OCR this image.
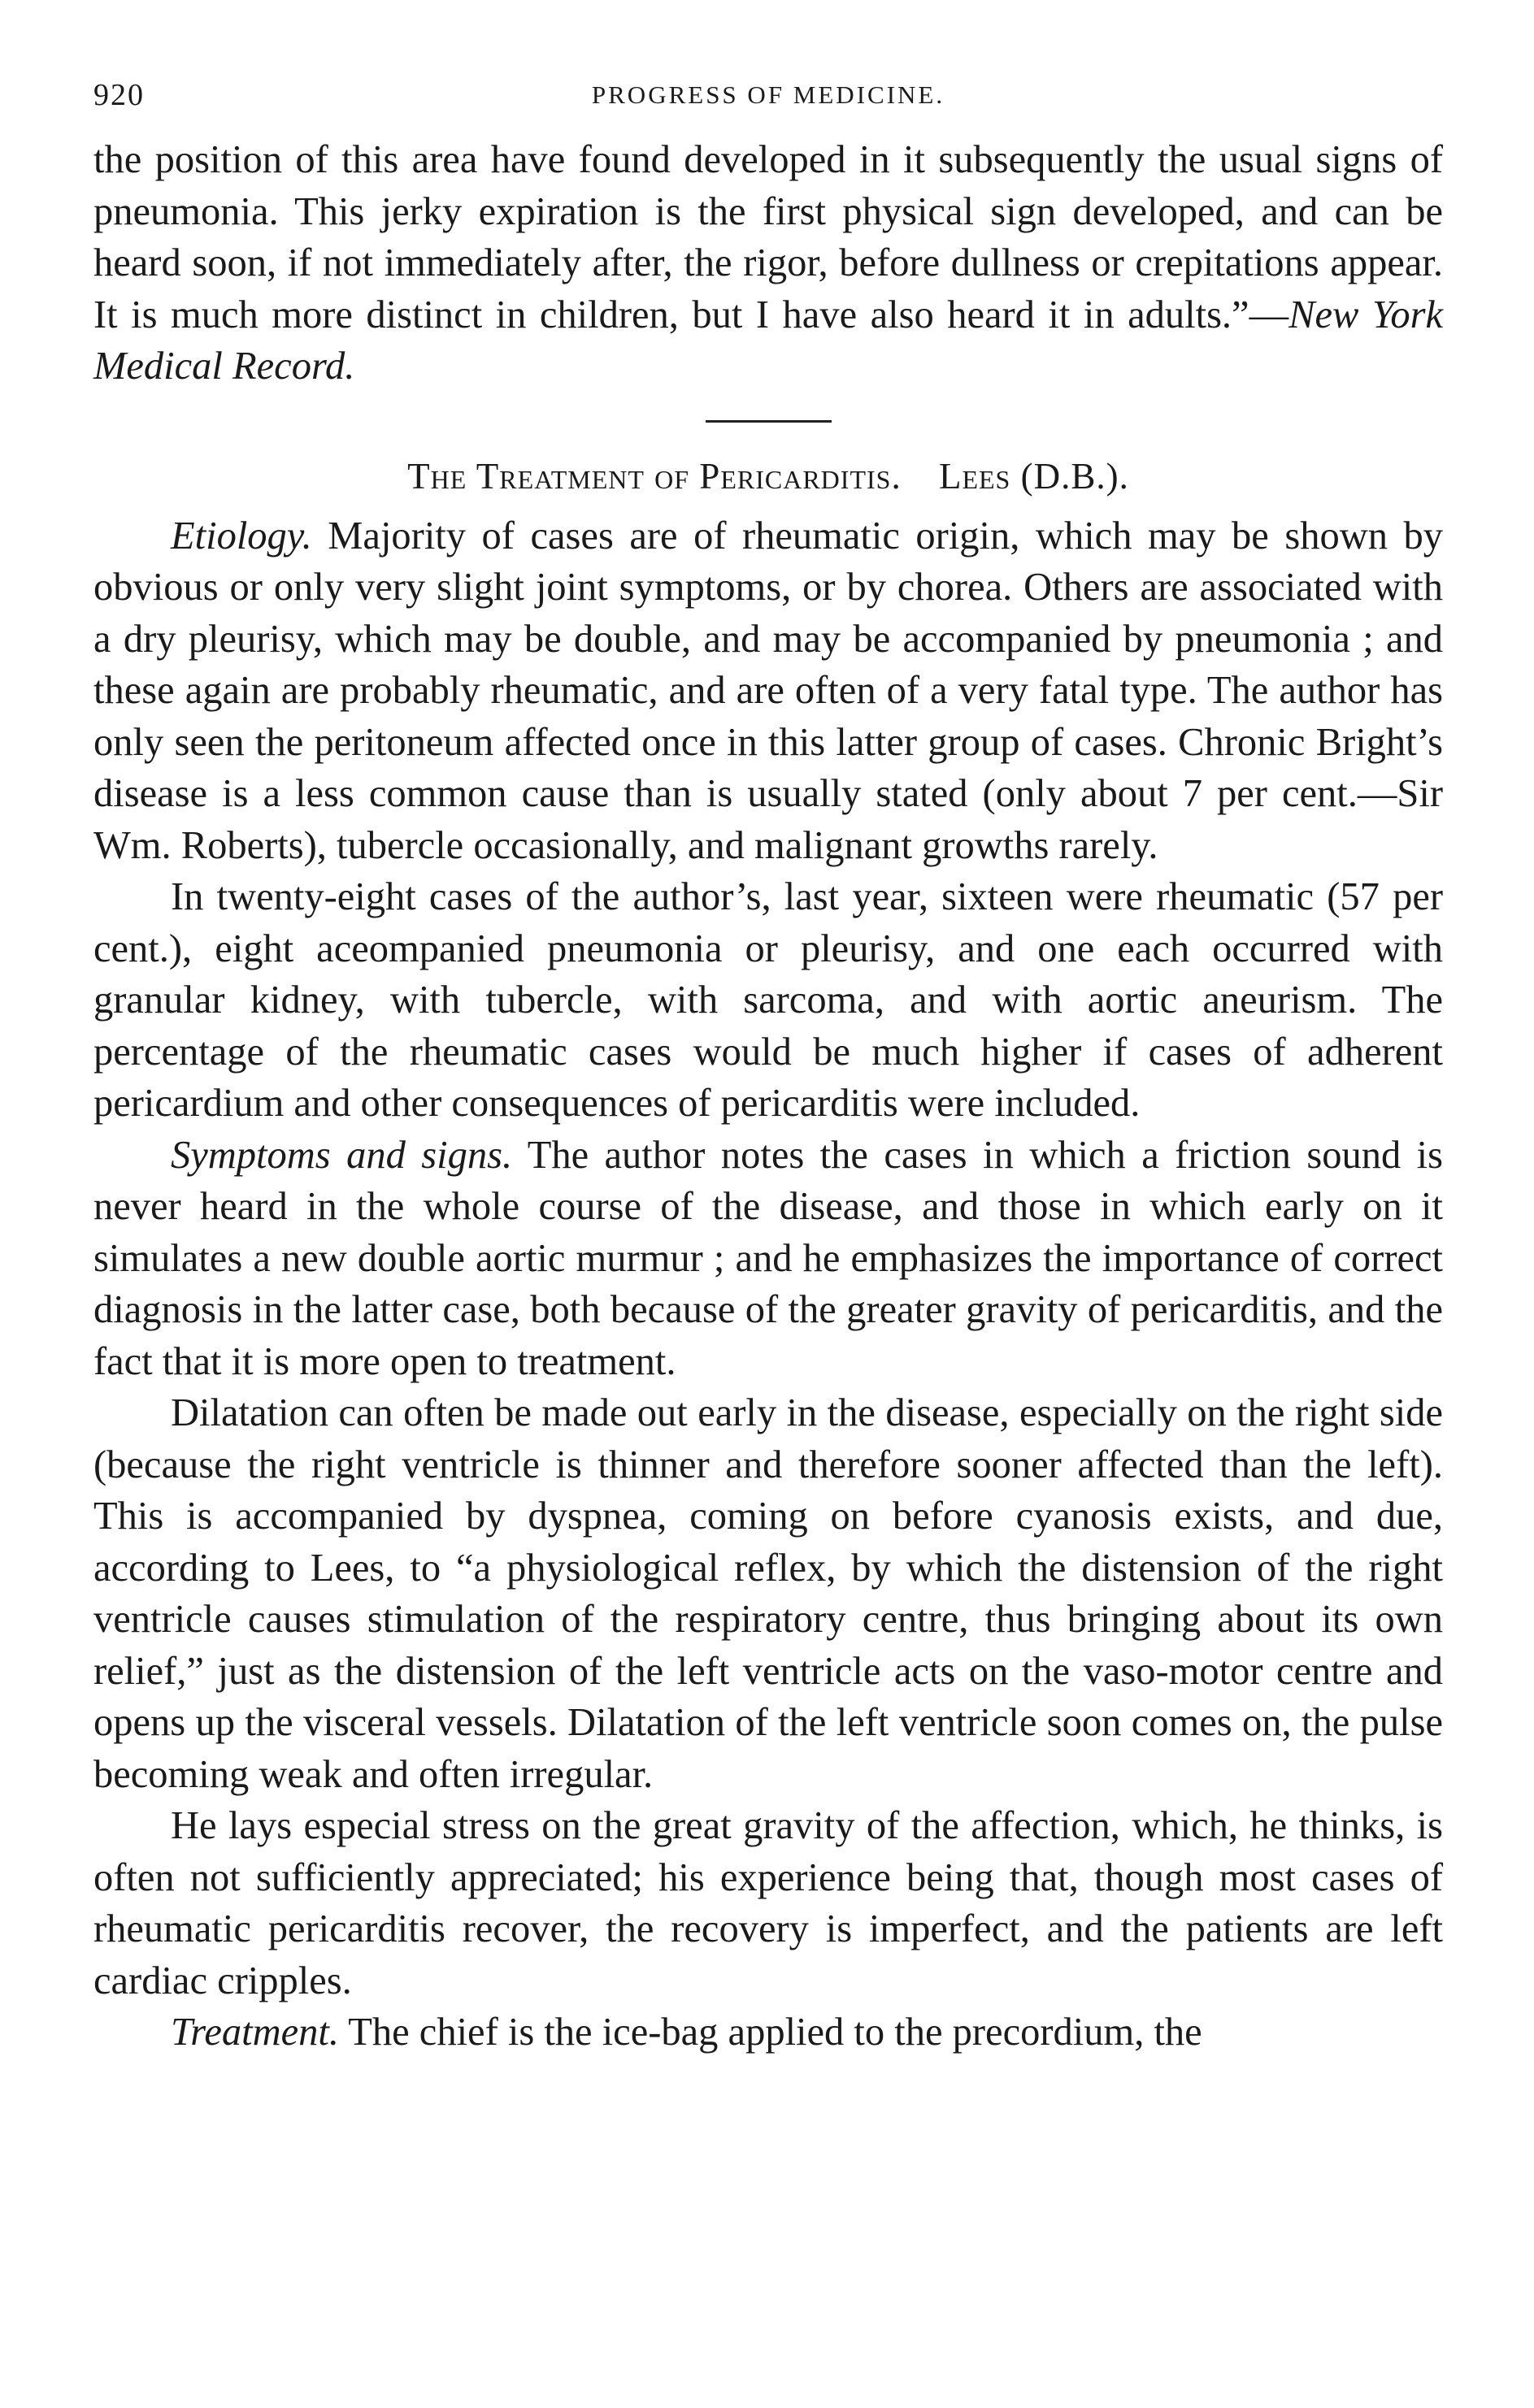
920	PROGRESS OF MEDICINE.

the position of this area have found developed in it subsequently the usual signs of pneumonia. This jerky expiration is the first physical sign developed, and can be heard soon, if not immediately after, the rigor, before dullness or crepitations appear. It is much more distinct in children, but I have also heard it in adults.”—New York Medical Record.

The Treatment of Pericarditis. Lees (D.B.).

Etiology. Majority of cases are of rheumatic origin, which may be shown by obvious or only very slight joint symptoms, or by chorea. Others are associated with a dry pleurisy, which may be double, and may be accompanied by pneumonia ; and these again are probably rheumatic, and are often of a very fatal type. The author has only seen the peritoneum affected once in this latter group of cases. Chronic Bright’s disease is a less common cause than is usually stated (only about 7 per cent.—Sir Wm. Roberts), tubercle occasionally, and malignant growths rarely.

In twenty-eight cases of the author’s, last year, sixteen were rheumatic (57 per cent.), eight aceompanied pneumonia or pleurisy, and one each occurred with granular kidney, with tubercle, with sarcoma, and with aortic aneurism. The percentage of the rheumatic cases would be much higher if cases of adherent pericardium and other consequences of pericarditis were included.

Symptoms and signs. The author notes the cases in which a friction sound is never heard in the whole course of the disease, and those in which early on it simulates a new double aortic murmur ; and he emphasizes the importance of correct diagnosis in the latter case, both because of the greater gravity of pericarditis, and the fact that it is more open to treatment.

Dilatation can often be made out early in the disease, especially on the right side (because the right ventricle is thinner and therefore sooner affected than the left). This is accompanied by dyspnea, coming on before cyanosis exists, and due, according to Lees, to “a physiological reflex, by which the distension of the right ventricle causes stimulation of the respiratory centre, thus bringing about its own relief,” just as the distension of the left ventricle acts on the vaso-motor centre and opens up the visceral vessels. Dilatation of the left ventricle soon comes on, the pulse becoming weak and often irregular.

He lays especial stress on the great gravity of the affection, which, he thinks, is often not sufficiently appreciated; his experience being that, though most cases of rheumatic pericarditis recover, the recovery is imperfect, and the patients are left cardiac cripples.

Treatment. The chief is the ice-bag applied to the precordium, the
